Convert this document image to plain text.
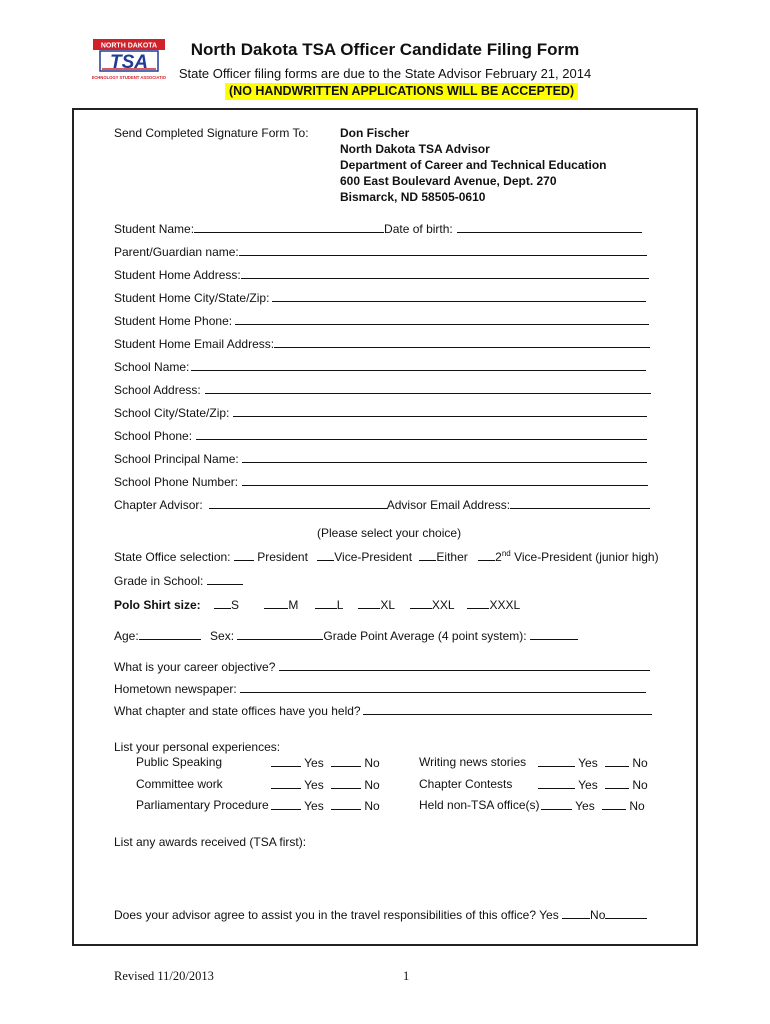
NORTH DAKOTA
TSA
TECHNOLOGY STUDENT ASSOCIATION
North Dakota TSA Officer Candidate Filing Form
State Officer filing forms are due to the State Advisor February 21, 2014
(NO HANDWRITTEN APPLICATIONS WILL BE ACCEPTED)
Send Completed Signature Form To:	Don Fischer
North Dakota TSA Advisor
Department of Career and Technical Education
600 East Boulevard Avenue, Dept. 270
Bismarck, ND 58505-0610
Student Name:	Date of birth:
Parent/Guardian name:
Student Home Address:
Student Home City/State/Zip:
Student Home Phone:
Student Home Email Address:
School Name:
School Address:
School City/State/Zip:
School Phone:
School Principal Name:
School Phone Number:
Chapter Advisor:	Advisor Email Address:
(Please select your choice)
State Office selection: President Vice-President Either 2nd Vice-President (junior high)
Grade in School:
Polo Shirt size:	S	M	L	XL	XXL	XXXL
Age:	Sex:	Grade Point Average (4 point system):
What is your career objective?
Hometown newspaper:
What chapter and state offices have you held?
List your personal experiences:
Public Speaking	Yes	No	Writing news stories	Yes	No
Committee work	Yes	No	Chapter Contests	Yes	No
Parliamentary Procedure	Yes	No	Held non-TSA office(s)	Yes	No
List any awards received (TSA first):
Does your advisor agree to assist you in the travel responsibilities of this office? Yes	No
Revised 11/20/2013	1
